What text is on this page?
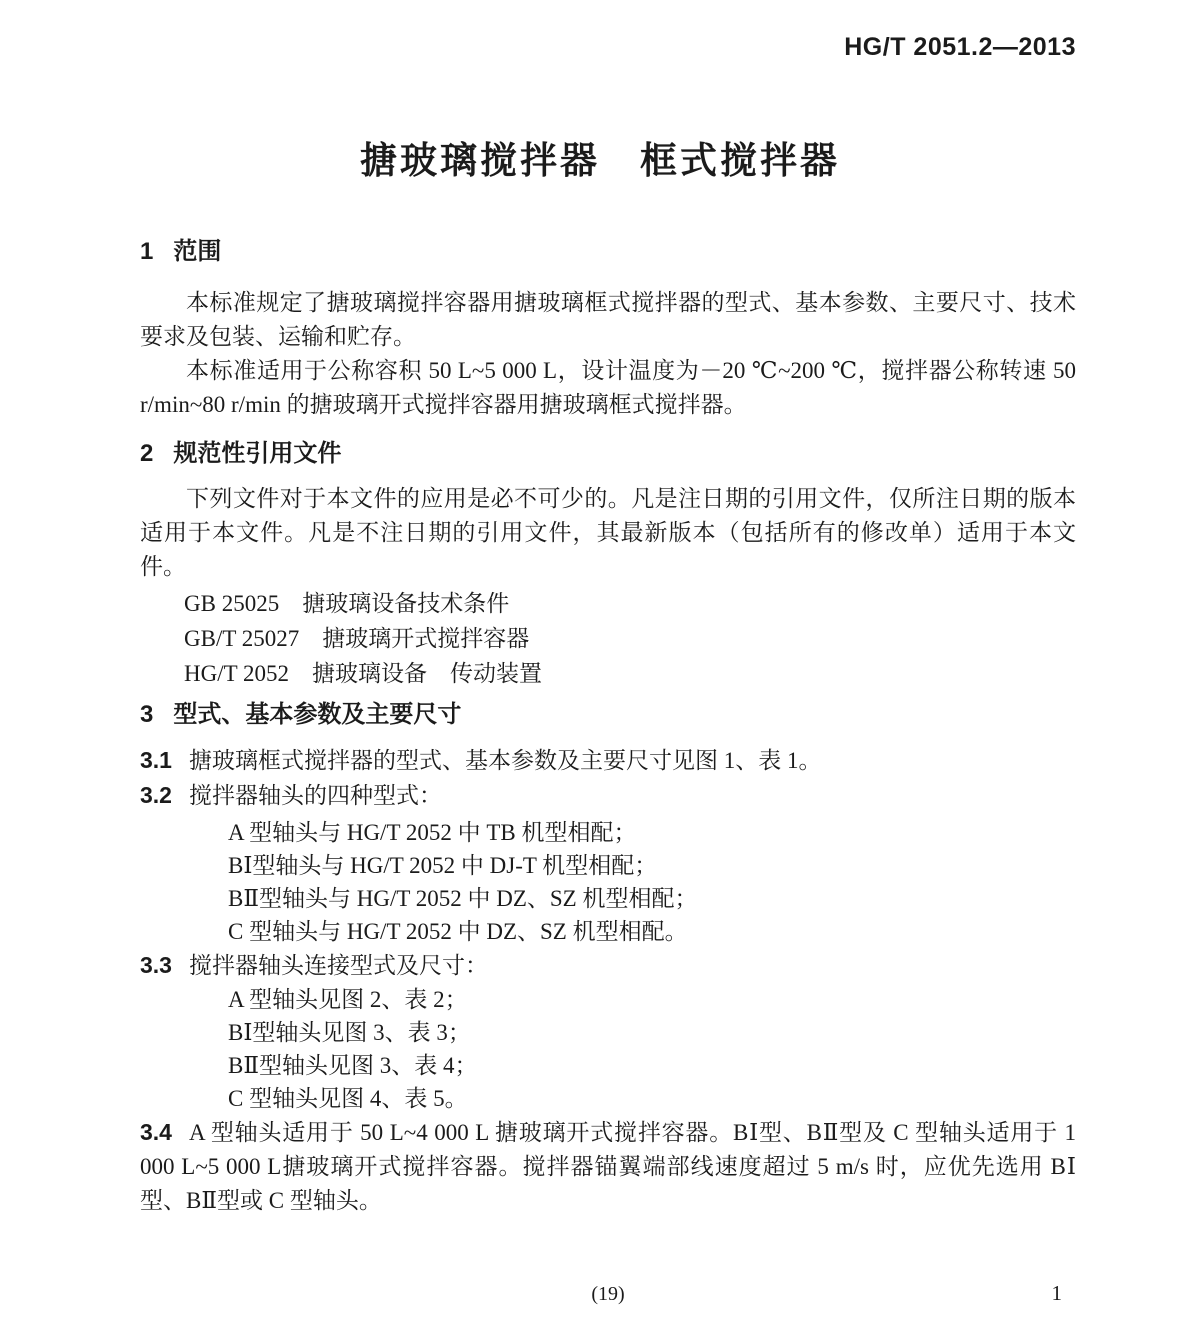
HG/T 2051.2—2013
搪玻璃搅拌器　框式搅拌器
1 范围

本标准规定了搪玻璃搅拌容器用搪玻璃框式搅拌器的型式、基本参数、主要尺寸、技术要求及包装、运输和贮存。

本标准适用于公称容积 50 L~5 000 L，设计温度为－20 ℃~200 ℃，搅拌器公称转速 50 r/min~80 r/min 的搪玻璃开式搅拌容器用搪玻璃框式搅拌器。

2 规范性引用文件

下列文件对于本文件的应用是必不可少的。凡是注日期的引用文件，仅所注日期的版本适用于本文件。凡是不注日期的引用文件，其最新版本（包括所有的修改单）适用于本文件。

GB 25025　搪玻璃设备技术条件

GB/T 25027　搪玻璃开式搅拌容器

HG/T 2052　搪玻璃设备　传动装置

3 型式、基本参数及主要尺寸

3.1 搪玻璃框式搅拌器的型式、基本参数及主要尺寸见图 1、表 1。

3.2 搅拌器轴头的四种型式：

A 型轴头与 HG/T 2052 中 TB 机型相配；

BⅠ型轴头与 HG/T 2052 中 DJ-T 机型相配；

BⅡ型轴头与 HG/T 2052 中 DZ、SZ 机型相配；

C 型轴头与 HG/T 2052 中 DZ、SZ 机型相配。

3.3 搅拌器轴头连接型式及尺寸：

A 型轴头见图 2、表 2；

BⅠ型轴头见图 3、表 3；

BⅡ型轴头见图 3、表 4；

C 型轴头见图 4、表 5。

3.4 A 型轴头适用于 50 L~4 000 L 搪玻璃开式搅拌容器。BⅠ型、BⅡ型及 C 型轴头适用于 1 000 L~5 000 L搪玻璃开式搅拌容器。搅拌器锚翼端部线速度超过 5 m/s 时，应优先选用 BⅠ型、BⅡ型或 C 型轴头。

(19)	1
